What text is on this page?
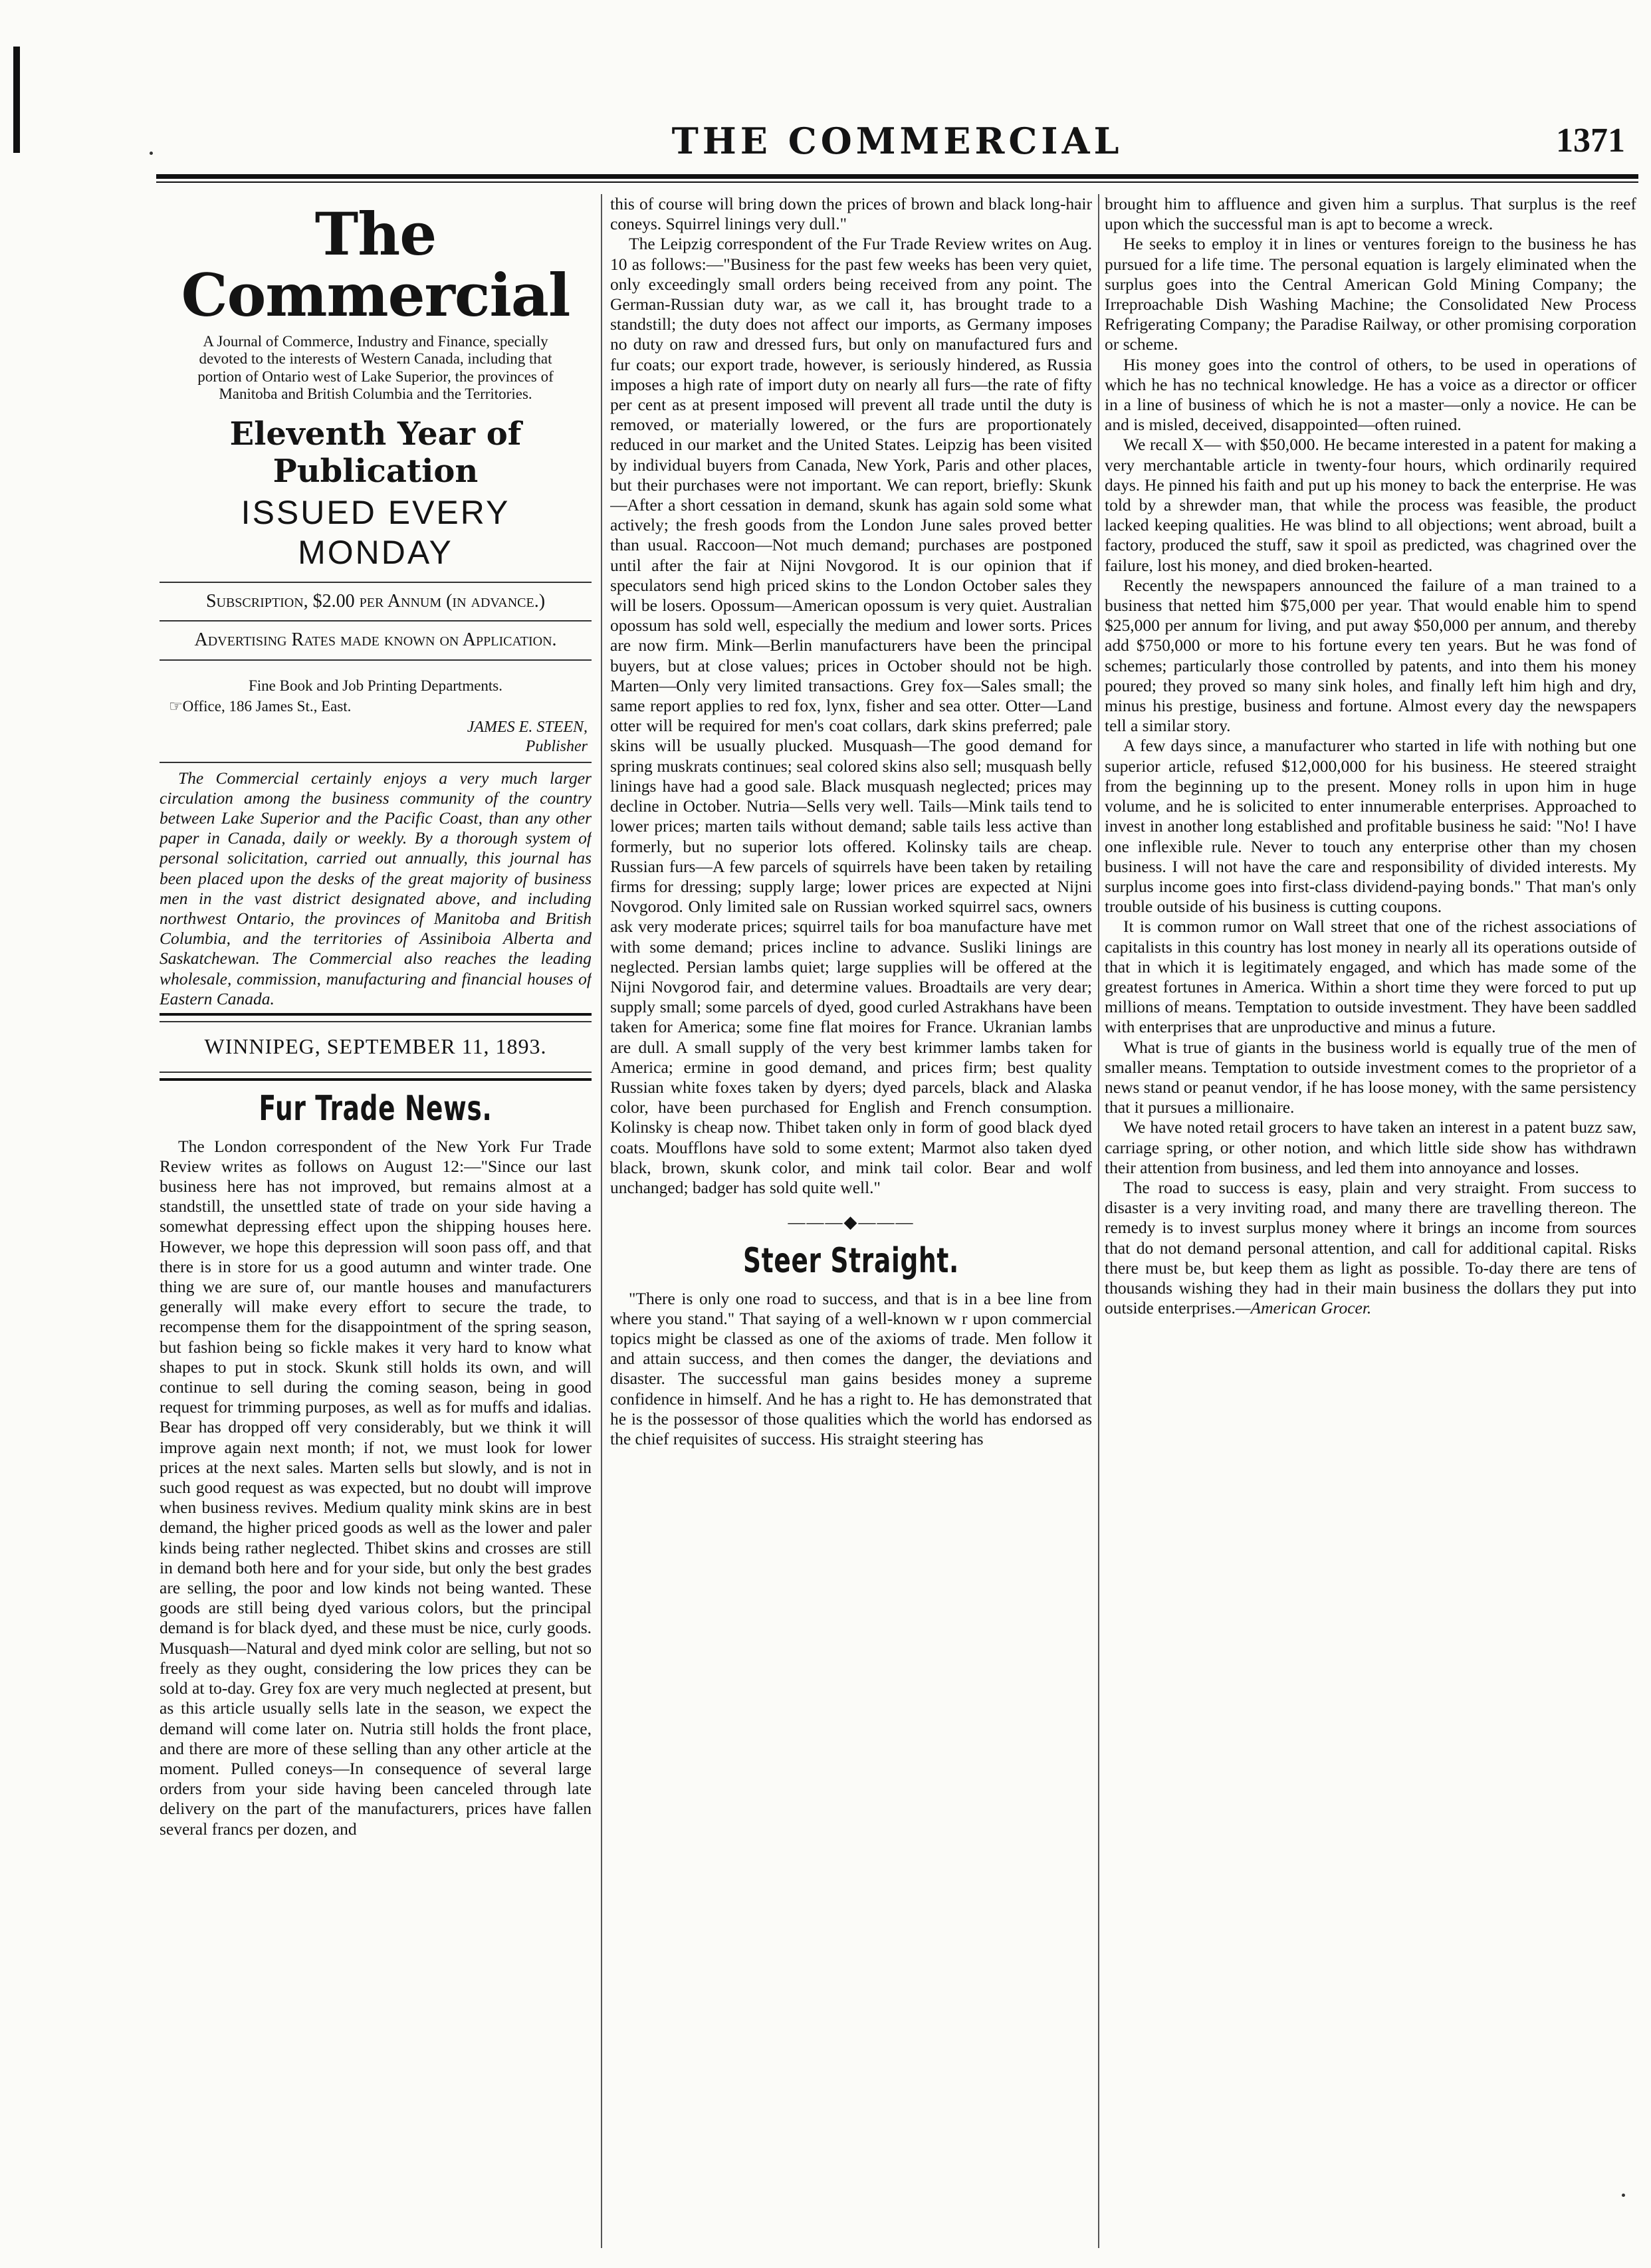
THE COMMERCIAL	1371
The Commercial
A Journal of Commerce, Industry and Finance, specially devoted to the interests of Western Canada, including that portion of Ontario west of Lake Superior, the provinces of Manitoba and British Columbia and the Territories.
Eleventh Year of Publication
ISSUED EVERY MONDAY
Subscription, $2.00 per Annum (in advance.)
Advertising Rates made known on Application.
Fine Book and Job Printing Departments.
☞Office, 186 James St., East.
JAMES E. STEEN,
Publisher

The Commercial certainly enjoys a very much larger circulation among the business community of the country between Lake Superior and the Pacific Coast, than any other paper in Canada, daily or weekly. By a thorough system of personal solicitation, carried out annually, this journal has been placed upon the desks of the great majority of business men in the vast district designated above, and including northwest Ontario, the provinces of Manitoba and British Columbia, and the territories of Assiniboia Alberta and Saskatchewan. The Commercial also reaches the leading wholesale, commission, manufacturing and financial houses of Eastern Canada.

WINNIPEG, SEPTEMBER 11, 1893.
Fur Trade News.

The London correspondent of the New York Fur Trade Review writes as follows on August 12:—"Since our last business here has not improved, but remains almost at a standstill, the unsettled state of trade on your side having a somewhat depressing effect upon the shipping houses here. However, we hope this depression will soon pass off, and that there is in store for us a good autumn and winter trade. One thing we are sure of, our mantle houses and manufacturers generally will make every effort to secure the trade, to recompense them for the disappointment of the spring season, but fashion being so fickle makes it very hard to know what shapes to put in stock. Skunk still holds its own, and will continue to sell during the coming season, being in good request for trimming purposes, as well as for muffs and idalias. Bear has dropped off very considerably, but we think it will improve again next month; if not, we must look for lower prices at the next sales. Marten sells but slowly, and is not in such good request as was expected, but no doubt will improve when business revives. Medium quality mink skins are in best demand, the higher priced goods as well as the lower and paler kinds being rather neglected. Thibet skins and crosses are still in demand both here and for your side, but only the best grades are selling, the poor and low kinds not being wanted. These goods are still being dyed various colors, but the principal demand is for black dyed, and these must be nice, curly goods. Musquash—Natural and dyed mink color are selling, but not so freely as they ought, considering the low prices they can be sold at to-day. Grey fox are very much neglected at present, but as this article usually sells late in the season, we expect the demand will come later on. Nutria still holds the front place, and there are more of these selling than any other article at the moment. Pulled coneys—In consequence of several large orders from your side having been canceled through late delivery on the part of the manufacturers, prices have fallen several francs per dozen, and

this of course will bring down the prices of brown and black long-hair coneys. Squirrel linings very dull."

The Leipzig correspondent of the Fur Trade Review writes on Aug. 10 as follows:—"Business for the past few weeks has been very quiet, only exceedingly small orders being received from any point. The German-Russian duty war, as we call it, has brought trade to a standstill; the duty does not affect our imports, as Germany imposes no duty on raw and dressed furs, but only on manufactured furs and fur coats; our export trade, however, is seriously hindered, as Russia imposes a high rate of import duty on nearly all furs—the rate of fifty per cent as at present imposed will prevent all trade until the duty is removed, or materially lowered, or the furs are proportionately reduced in our market and the United States. Leipzig has been visited by individual buyers from Canada, New York, Paris and other places, but their purchases were not important. We can report, briefly: Skunk—After a short cessation in demand, skunk has again sold some what actively; the fresh goods from the London June sales proved better than usual. Raccoon—Not much demand; purchases are postponed until after the fair at Nijni Novgorod. It is our opinion that if speculators send high priced skins to the London October sales they will be losers. Opossum—American opossum is very quiet. Australian opossum has sold well, especially the medium and lower sorts. Prices are now firm. Mink—Berlin manufacturers have been the principal buyers, but at close values; prices in October should not be high. Marten—Only very limited transactions. Grey fox—Sales small; the same report applies to red fox, lynx, fisher and sea otter. Otter—Land otter will be required for men's coat collars, dark skins preferred; pale skins will be usually plucked. Musquash—The good demand for spring muskrats continues; seal colored skins also sell; musquash belly linings have had a good sale. Black musquash neglected; prices may decline in October. Nutria—Sells very well. Tails—Mink tails tend to lower prices; marten tails without demand; sable tails less active than formerly, but no superior lots offered. Kolinsky tails are cheap. Russian furs—A few parcels of squirrels have been taken by retailing firms for dressing; supply large; lower prices are expected at Nijni Novgorod. Only limited sale on Russian worked squirrel sacs, owners ask very moderate prices; squirrel tails for boa manufacture have met with some demand; prices incline to advance. Susliki linings are neglected. Persian lambs quiet; large supplies will be offered at the Nijni Novgorod fair, and determine values. Broadtails are very dear; supply small; some parcels of dyed, good curled Astrakhans have been taken for America; some fine flat moires for France. Ukranian lambs are dull. A small supply of the very best krimmer lambs taken for America; ermine in good demand, and prices firm; best quality Russian white foxes taken by dyers; dyed parcels, black and Alaska color, have been purchased for English and French consumption. Kolinsky is cheap now. Thibet taken only in form of good black dyed coats. Moufflons have sold to some extent; Marmot also taken dyed black, brown, skunk color, and mink tail color. Bear and wolf unchanged; badger has sold quite well."

―――◆―――
Steer Straight.

"There is only one road to success, and that is in a bee line from where you stand." That saying of a well-known w r upon commercial topics might be classed as one of the axioms of trade. Men follow it and attain success, and then comes the danger, the deviations and disaster. The successful man gains besides money a supreme confidence in himself. And he has a right to. He has demonstrated that he is the possessor of those qualities which the world has endorsed as the chief requisites of success. His straight steering has

brought him to affluence and given him a surplus. That surplus is the reef upon which the successful man is apt to become a wreck.

He seeks to employ it in lines or ventures foreign to the business he has pursued for a life time. The personal equation is largely eliminated when the surplus goes into the Central American Gold Mining Company; the Irreproachable Dish Washing Machine; the Consolidated New Process Refrigerating Company; the Paradise Railway, or other promising corporation or scheme.

His money goes into the control of others, to be used in operations of which he has no technical knowledge. He has a voice as a director or officer in a line of business of which he is not a master—only a novice. He can be and is misled, deceived, disappointed—often ruined.

We recall X— with $50,000. He became interested in a patent for making a very merchantable article in twenty-four hours, which ordinarily required days. He pinned his faith and put up his money to back the enterprise. He was told by a shrewder man, that while the process was feasible, the product lacked keeping qualities. He was blind to all objections; went abroad, built a factory, produced the stuff, saw it spoil as predicted, was chagrined over the failure, lost his money, and died broken-hearted.

Recently the newspapers announced the failure of a man trained to a business that netted him $75,000 per year. That would enable him to spend $25,000 per annum for living, and put away $50,000 per annum, and thereby add $750,000 or more to his fortune every ten years. But he was fond of schemes; particularly those controlled by patents, and into them his money poured; they proved so many sink holes, and finally left him high and dry, minus his prestige, business and fortune. Almost every day the newspapers tell a similar story.

A few days since, a manufacturer who started in life with nothing but one superior article, refused $12,000,000 for his business. He steered straight from the beginning up to the present. Money rolls in upon him in huge volume, and he is solicited to enter innumerable enterprises. Approached to invest in another long established and profitable business he said: "No! I have one inflexible rule. Never to touch any enterprise other than my chosen business. I will not have the care and responsibility of divided interests. My surplus income goes into first-class dividend-paying bonds." That man's only trouble outside of his business is cutting coupons.

It is common rumor on Wall street that one of the richest associations of capitalists in this country has lost money in nearly all its operations outside of that in which it is legitimately engaged, and which has made some of the greatest fortunes in America. Within a short time they were forced to put up millions of means. Temptation to outside investment. They have been saddled with enterprises that are unproductive and minus a future.

What is true of giants in the business world is equally true of the men of smaller means. Temptation to outside investment comes to the proprietor of a news stand or peanut vendor, if he has loose money, with the same persistency that it pursues a millionaire.

We have noted retail grocers to have taken an interest in a patent buzz saw, carriage spring, or other notion, and which little side show has withdrawn their attention from business, and led them into annoyance and losses.

The road to success is easy, plain and very straight. From success to disaster is a very inviting road, and many there are travelling thereon. The remedy is to invest surplus money where it brings an income from sources that do not demand personal attention, and call for additional capital. Risks there must be, but keep them as light as possible. To-day there are tens of thousands wishing they had in their main business the dollars they put into outside enterprises.—American Grocer.
